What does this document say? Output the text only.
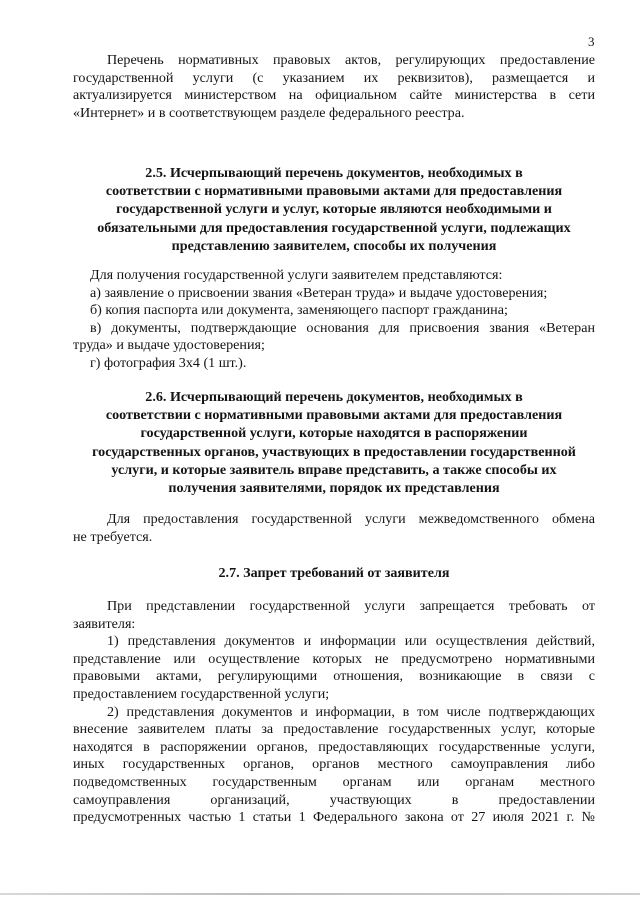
3
Перечень нормативных правовых актов, регулирующих предоставление
государственной услуги (с указанием их реквизитов), размещается и
актуализируется министерством на официальном сайте министерства в сети
«Интернет» и в соответствующем разделе федерального реестра.

2.5. Исчерпывающий перечень документов, необходимых в
соответствии с нормативными правовыми актами для предоставления
государственной услуги и услуг, которые являются необходимыми и
обязательными для предоставления государственной услуги, подлежащих
представлению заявителем, способы их получения

Для получения государственной услуги заявителем представляются:
а) заявление о присвоении звания «Ветеран труда» и выдаче удостоверения;
б) копия паспорта или документа, заменяющего паспорт гражданина;
в) документы, подтверждающие основания для присвоения звания «Ветеран
труда» и выдаче удостоверения;
г) фотография 3х4 (1 шт.).

2.6. Исчерпывающий перечень документов, необходимых в
соответствии с нормативными правовыми актами для предоставления
государственной услуги, которые находятся в распоряжении
государственных органов, участвующих в предоставлении государственной
услуги, и которые заявитель вправе представить, а также способы их
получения заявителями, порядок их представления

Для предоставления государственной услуги межведомственного обмена
не требуется.

2.7. Запрет требований от заявителя

При представлении государственной услуги запрещается требовать от
заявителя:
1) представления документов и информации или осуществления действий,
представление или осуществление которых не предусмотрено нормативными
правовыми актами, регулирующими отношения, возникающие в связи с
предоставлением государственной услуги;
2) представления документов и информации, в том числе подтверждающих
внесение заявителем платы за предоставление государственных услуг, которые
находятся в распоряжении органов, предоставляющих государственные услуги,
иных государственных органов, органов местного самоуправления либо
подведомственных государственным органам или органам местного
самоуправления организаций, участвующих в предоставлении
предусмотренных частью 1 статьи 1 Федерального закона от 27 июля 2021 г. №
